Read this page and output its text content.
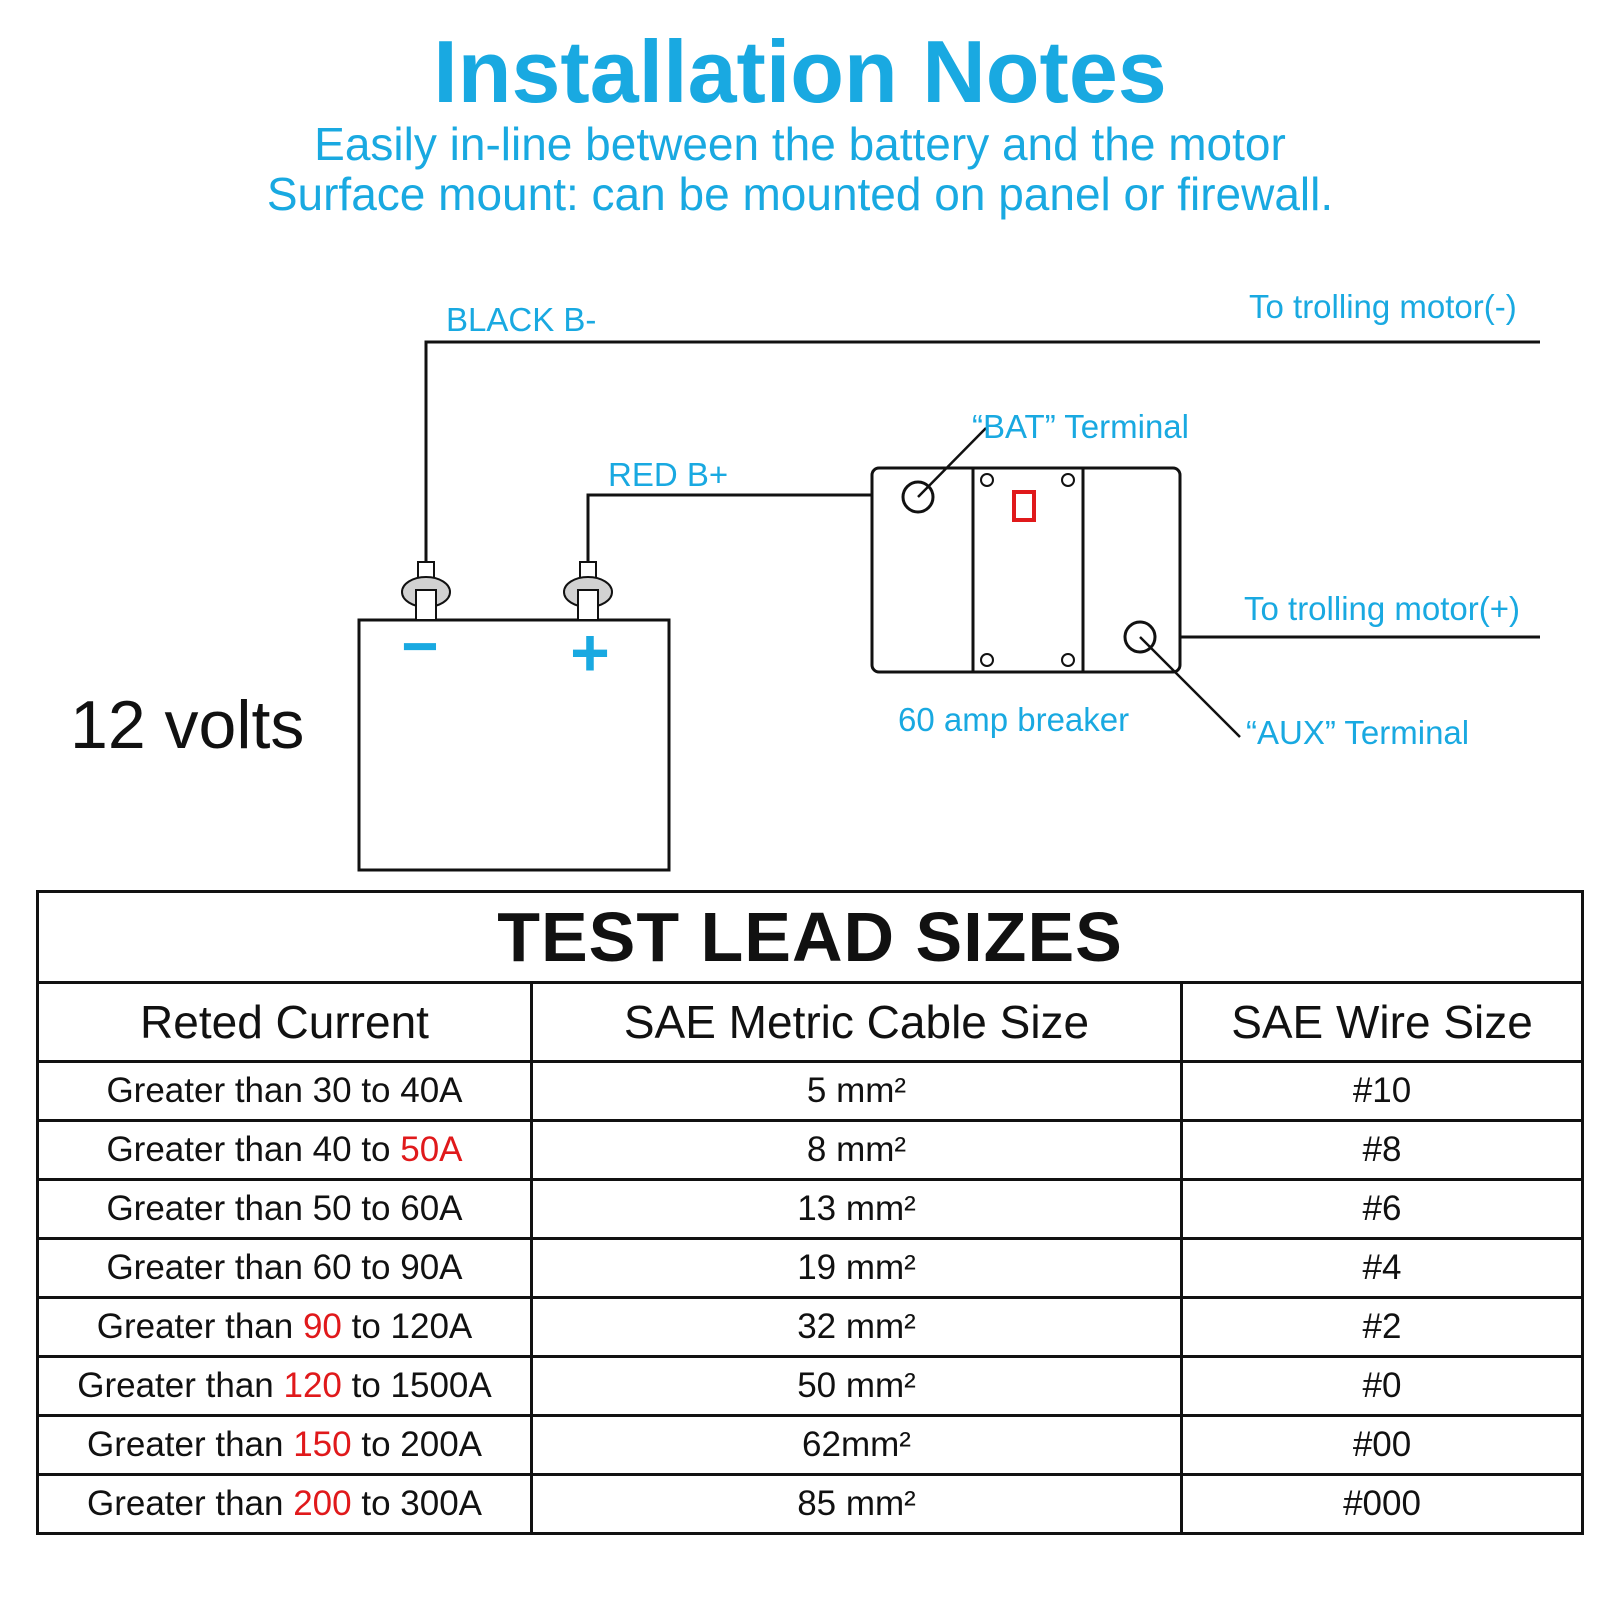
Installation Notes
Easily in-line between the battery and the motor
Surface mount: can be mounted on panel or firewall.
− +
12 volts
BLACK B-
RED B+
To trolling motor(-)
To trolling motor(+)
“BAT” Terminal
“AUX” Terminal
60 amp breaker
TEST LEAD SIZES		
Reted Current	SAE Metric Cable Size	SAE Wire Size
Greater than 30 to 40A	5 mm²	#10
Greater than 40 to 50A	8 mm²	#8
Greater than 50 to 60A	13 mm²	#6
Greater than 60 to 90A	19 mm²	#4
Greater than 90 to 120A	32 mm²	#2
Greater than 120 to 1500A	50 mm²	#0
Greater than 150 to 200A	62mm²	#00
Greater than 200 to 300A	85 mm²	#000
